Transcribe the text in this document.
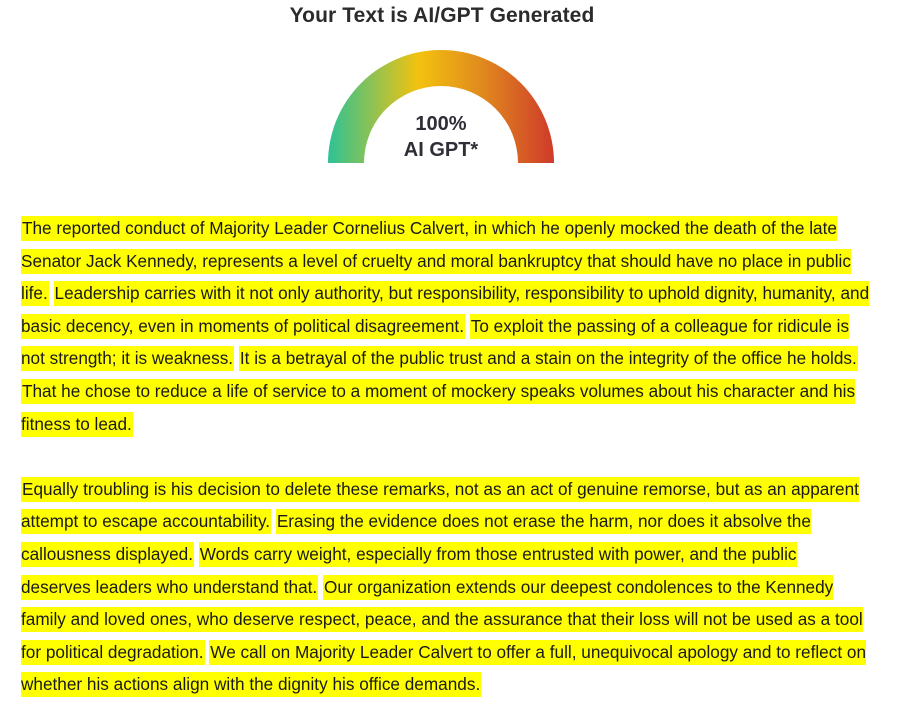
Your Text is AI/GPT Generated
100%
AI GPT*

The reported conduct of Majority Leader Cornelius Calvert, in which he openly mocked the death of the late Senator Jack Kennedy, represents a level of cruelty and moral bankruptcy that should have no place in public life. Leadership carries with it not only authority, but responsibility, responsibility to uphold dignity, humanity, and basic decency, even in moments of political disagreement. To exploit the passing of a colleague for ridicule is not strength; it is weakness. It is a betrayal of the public trust and a stain on the integrity of the office he holds. That he chose to reduce a life of service to a moment of mockery speaks volumes about his character and his fitness to lead.

Equally troubling is his decision to delete these remarks, not as an act of genuine remorse, but as an apparent attempt to escape accountability. Erasing the evidence does not erase the harm, nor does it absolve the callousness displayed. Words carry weight, especially from those entrusted with power, and the public deserves leaders who understand that. Our organization extends our deepest condolences to the Kennedy family and loved ones, who deserve respect, peace, and the assurance that their loss will not be used as a tool for political degradation. We call on Majority Leader Calvert to offer a full, unequivocal apology and to reflect on whether his actions align with the dignity his office demands.
